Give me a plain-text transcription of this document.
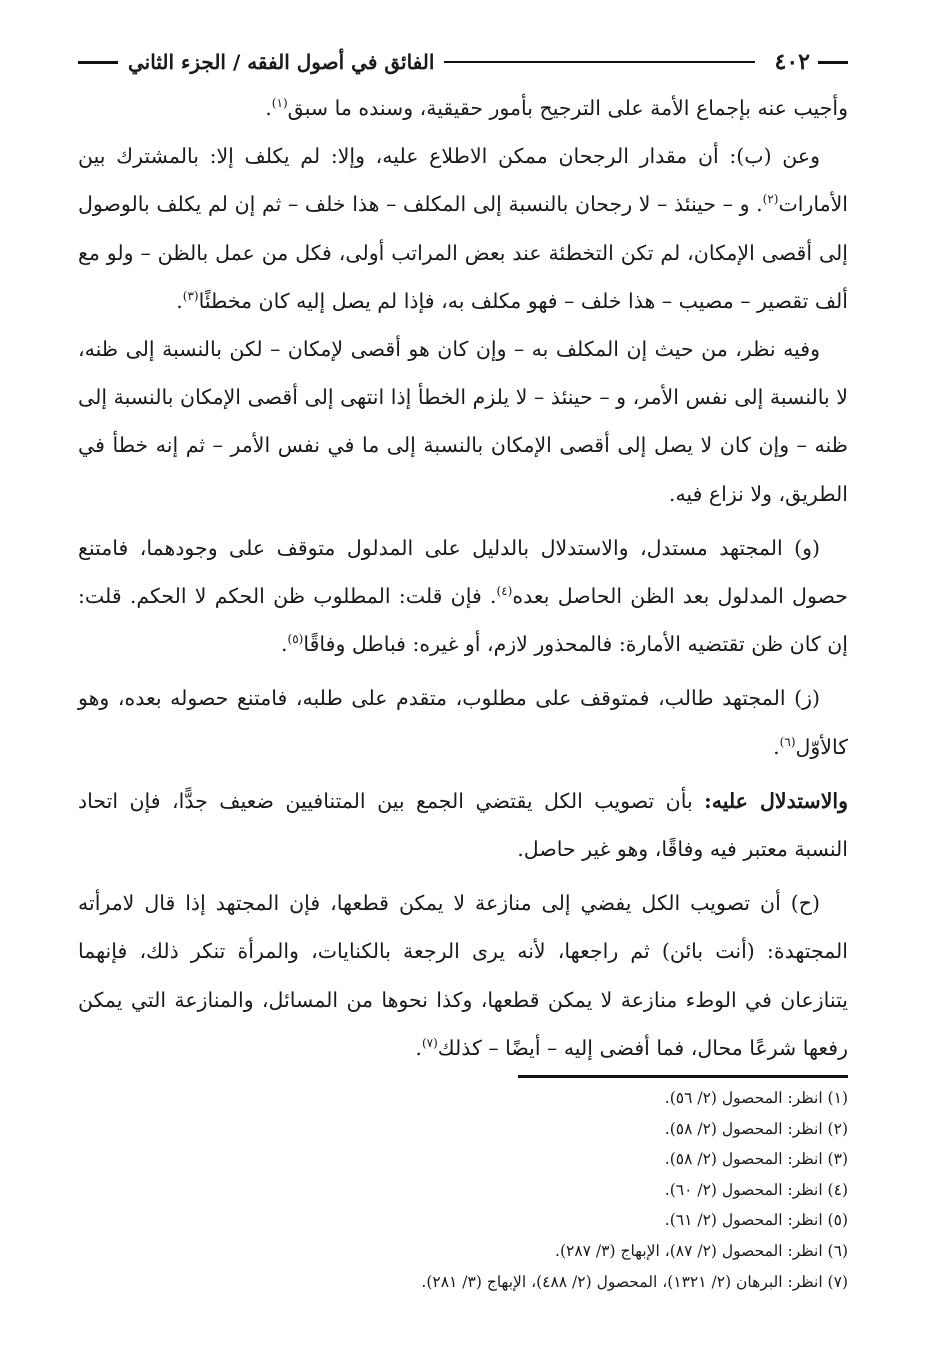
٤٠٢
الفائق في أصول الفقه / الجزء الثاني

وأجيب عنه بإجماع الأمة على الترجيح بأمور حقيقية، وسنده ما سبق$^{(١)}$.

وعن (ب): أن مقدار الرجحان ممكن الاطلاع عليه، وإلا: لم يكلف إلا: بالمشترك بين الأمارات$^{(٢)}$. و – حينئذ – لا رجحان بالنسبة إلى المكلف – هذا خلف – ثم إن لم يكلف بالوصول إلى أقصى الإمكان، لم تكن التخطئة عند بعض المراتب أولى، فكل من عمل بالظن – ولو مع ألف تقصير – مصيب – هذا خلف – فهو مكلف به، فإذا لم يصل إليه كان مخطئًا$^{(٣)}$.

وفيه نظر، من حيث إن المكلف به – وإن كان هو أقصى لإمكان – لكن بالنسبة إلى ظنه، لا بالنسبة إلى نفس الأمر، و – حينئذ – لا يلزم الخطأ إذا انتهى إلى أقصى الإمكان بالنسبة إلى ظنه – وإن كان لا يصل إلى أقصى الإمكان بالنسبة إلى ما في نفس الأمر – ثم إنه خطأ في الطريق، ولا نزاع فيه.

(و) المجتهد مستدل، والاستدلال بالدليل على المدلول متوقف على وجودهما، فامتنع حصول المدلول بعد الظن الحاصل بعده$^{(٤)}$. فإن قلت: المطلوب ظن الحكم لا الحكم. قلت: إن كان ظن تقتضيه الأمارة: فالمحذور لازم، أو غيره: فباطل وفاقًا$^{(٥)}$.

(ز) المجتهد طالب، فمتوقف على مطلوب، متقدم على طلبه، فامتنع حصوله بعده، وهو كالأوّل$^{(٦)}$.

والاستدلال عليه: بأن تصويب الكل يقتضي الجمع بين المتنافيين ضعيف جدًّا، فإن اتحاد النسبة معتبر فيه وفاقًا، وهو غير حاصل.

(ح) أن تصويب الكل يفضي إلى منازعة لا يمكن قطعها، فإن المجتهد إذا قال لامرأته المجتهدة: (أنت بائن) ثم راجعها، لأنه يرى الرجعة بالكنايات، والمرأة تنكر ذلك، فإنهما يتنازعان في الوطء منازعة لا يمكن قطعها، وكذا نحوها من المسائل، والمنازعة التي يمكن رفعها شرعًا محال، فما أفضى إليه – أيضًا – كذلك$^{(٧)}$.

(١) انظر: المحصول (٢/ ٥٦).
(٢) انظر: المحصول (٢/ ٥٨).
(٣) انظر: المحصول (٢/ ٥٨).
(٤) انظر: المحصول (٢/ ٦٠).
(٥) انظر: المحصول (٢/ ٦١).
(٦) انظر: المحصول (٢/ ٨٧)، الإبهاج (٣/ ٢٨٧).
(٧) انظر: البرهان (٢/ ١٣٢١)، المحصول (٢/ ٤٨٨)، الإبهاج (٣/ ٢٨١).
